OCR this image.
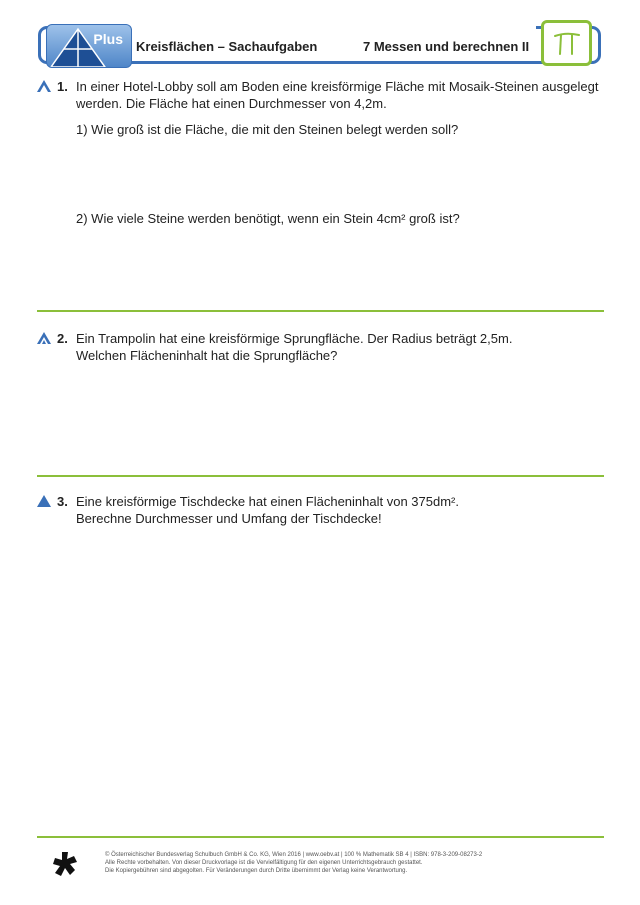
Plus Kreisflächen – Sachaufgaben	7 Messen und berechnen II
1. In einer Hotel-Lobby soll am Boden eine kreisförmige Fläche mit Mosaik-Steinen ausgelegt
werden. Die Fläche hat einen Durchmesser von 4,2m.
1) Wie groß ist die Fläche, die mit den Steinen belegt werden soll?
2) Wie viele Steine werden benötigt, wenn ein Stein 4cm² groß ist?
2. Ein Trampolin hat eine kreisförmige Sprungfläche. Der Radius beträgt 2,5m.
Welchen Flächeninhalt hat die Sprungfläche?
3. Eine kreisförmige Tischdecke hat einen Flächeninhalt von 375dm².
Berechne Durchmesser und Umfang der Tischdecke!
© Österreichischer Bundesverlag Schulbuch GmbH & Co. KG, Wien 2016 | www.oebv.at | 100 % Mathematik SB 4 | ISBN: 978-3-209-08273-2
Alle Rechte vorbehalten. Von dieser Druckvorlage ist die Vervielfältigung für den eigenen Unterrichtsgebrauch gestattet.
Die Kopiergebühren sind abgegolten. Für Veränderungen durch Dritte übernimmt der Verlag keine Verantwortung.
